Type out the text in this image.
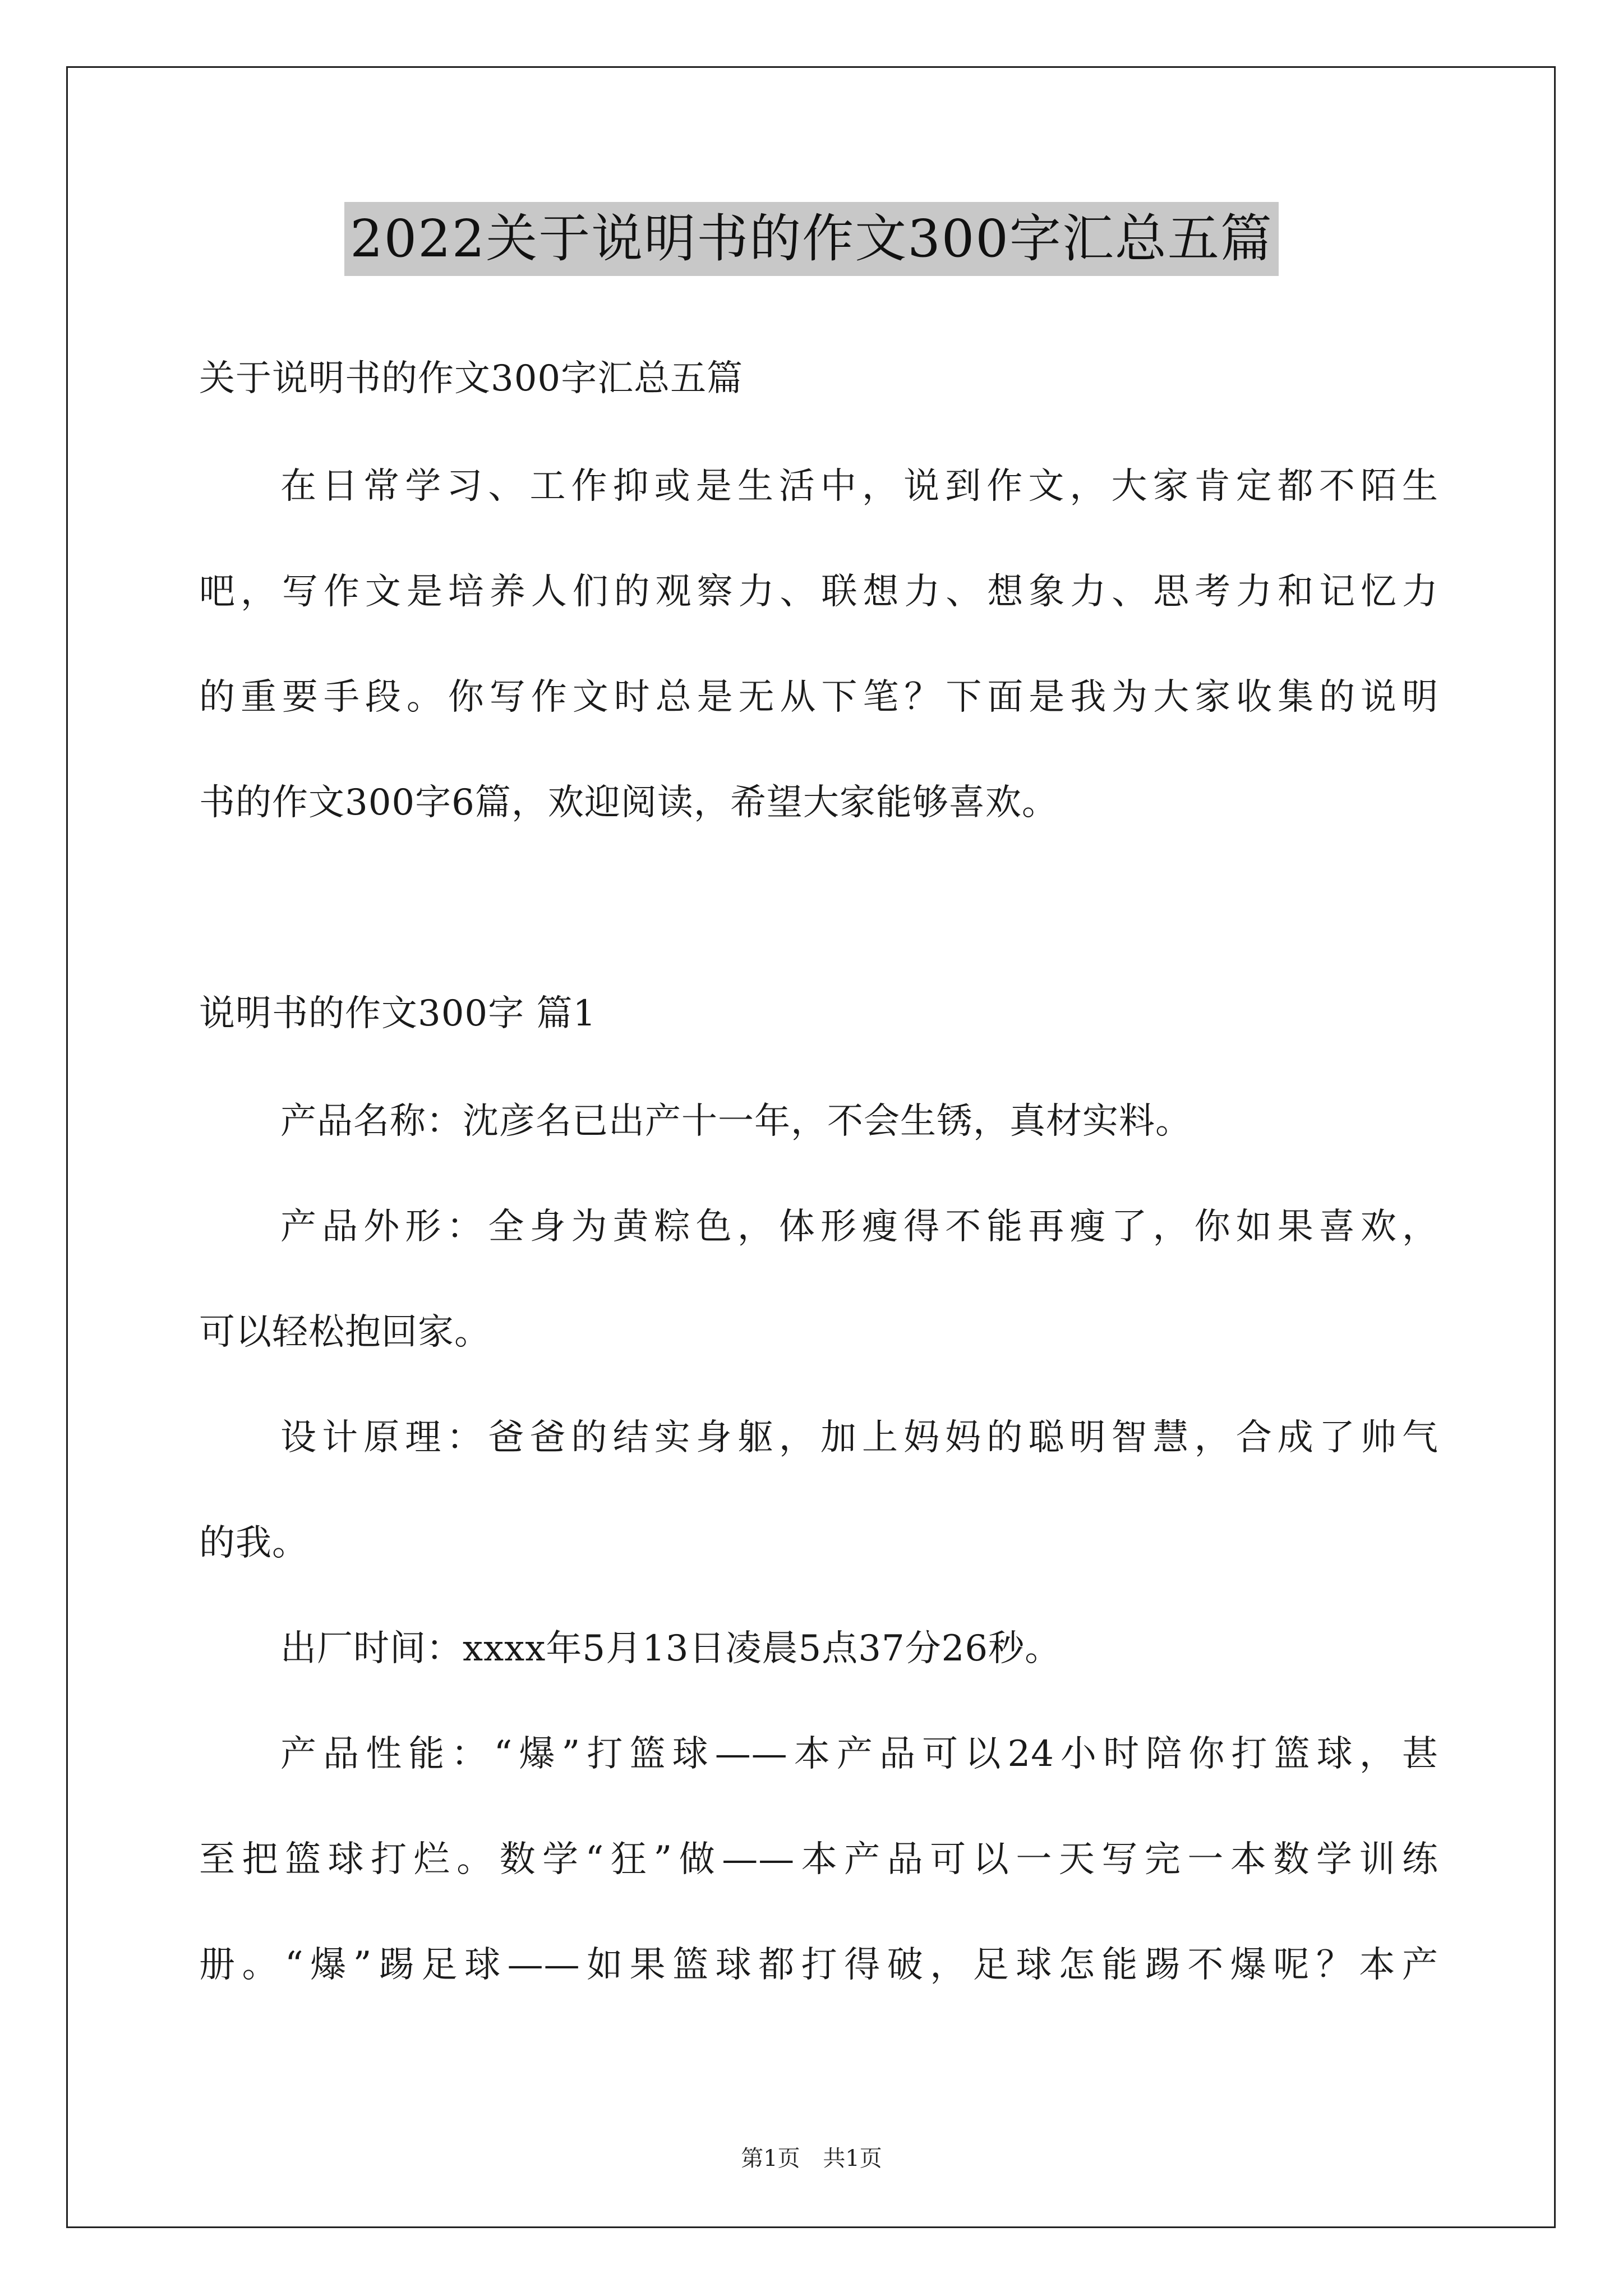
2022关于说明书的作文300字汇总五篇
关于说明书的作文300字汇总五篇
在日常学习、工作抑或是生活中，说到作文，大家肯定都不陌生
吧，写作文是培养人们的观察力、联想力、想象力、思考力和记忆力
的重要手段。你写作文时总是无从下笔？下面是我为大家收集的说明
书的作文300字6篇，欢迎阅读，希望大家能够喜欢。
说明书的作文300字 篇1
产品名称：沈彦名已出产十一年，不会生锈，真材实料。
产品外形：全身为黄粽色，体形瘦得不能再瘦了，你如果喜欢，
可以轻松抱回家。
设计原理：爸爸的结实身躯，加上妈妈的聪明智慧，合成了帅气
的我。
出厂时间：xxxx年5月13日凌晨5点37分26秒。
产品性能：“爆”打篮球——本产品可以24小时陪你打篮球，甚
至把篮球打烂。数学“狂”做——本产品可以一天写完一本数学训练
册。“爆”踢足球——如果篮球都打得破，足球怎能踢不爆呢？本产
第1页 共1页
